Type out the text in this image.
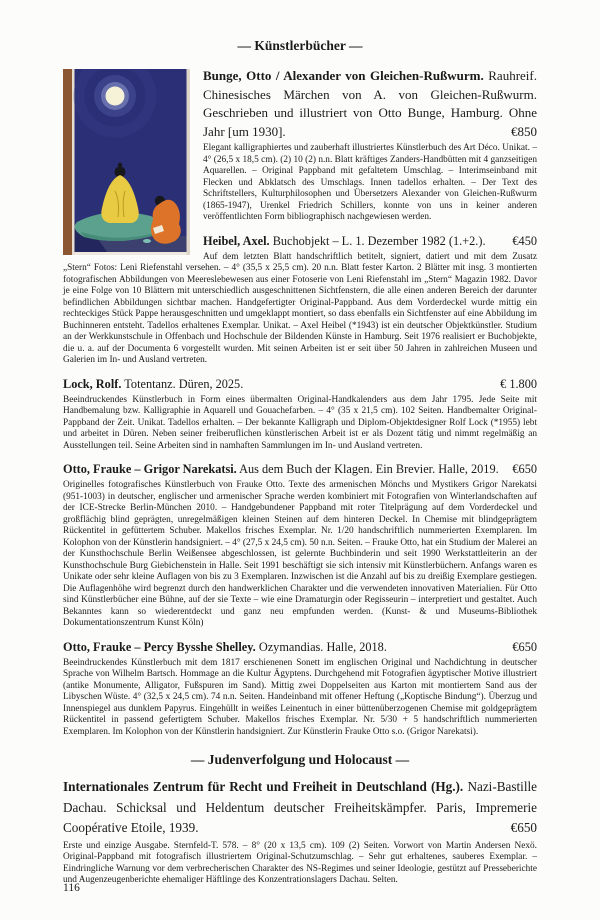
— Künstlerbücher —

Bunge, Otto / Alexander von Gleichen-Rußwurm. Rauhreif. Chinesisches Märchen von A. von Gleichen-Rußwurm. Geschrieben und illustriert von Otto Bunge, Hamburg. Ohne Jahr [um 1930].	€850

Elegant kalligraphiertes und zauberhaft illustriertes Künstlerbuch des Art Déco. Unikat. – 4° (26,5 x 18,5 cm). (2) 10 (2) n.n. Blatt kräftiges Zanders-Handbütten mit 4 ganzseitigen Aquarellen. – Original Pappband mit gefaltetem Umschlag. – Interimseinband mit Flecken und Abklatsch des Umschlags. Innen tadellos erhalten. – Der Text des Schriftstellers, Kulturphilosophen und Übersetzers Alexander von Gleichen-Rußwurm (1865-1947), Urenkel Friedrich Schillers, konnte von uns in keiner anderen veröffentlichten Form bibliographisch nachgewiesen werden.

Heibel, Axel. Buchobjekt – L. 1. Dezember 1982 (1.+2.).	€450

Auf dem letzten Blatt handschriftlich betitelt, signiert, datiert und mit dem Zusatz „Stern“ Fotos: Leni Riefenstahl versehen. – 4° (35,5 x 25,5 cm). 20 n.n. Blatt fester Karton. 2 Blätter mit insg. 3 montierten fotografischen Abbildungen von Meereslebewesen aus einer Fotoserie von Leni Riefenstahl im „Stern“ Magazin 1982. Davor je eine Folge von 10 Blättern mit unterschiedlich ausgeschnittenen Sichtfenstern, die alle einen anderen Bereich der darunter befindlichen Abbildungen sichtbar machen. Handgefertigter Original-Pappband. Aus dem Vorderdeckel wurde mittig ein rechteckiges Stück Pappe herausgeschnitten und umgeklappt montiert, so dass ebenfalls ein Sichtfenster auf eine Abbildung im Buchinneren entsteht. Tadellos erhaltenes Exemplar. Unikat. – Axel Heibel (*1943) ist ein deutscher Objektkünstler. Studium an der Werkkunstschule in Offenbach und Hochschule der Bildenden Künste in Hamburg. Seit 1976 realisiert er Buchobjekte, die u. a. auf der Documenta 6 vorgestellt wurden. Mit seinen Arbeiten ist er seit über 50 Jahren in zahlreichen Museen und Galerien im In- und Ausland vertreten.

Lock, Rolf. Totentanz. Düren, 2025.	€ 1.800

Beeindruckendes Künstlerbuch in Form eines übermalten Original-Handkalenders aus dem Jahr 1795. Jede Seite mit Handbemalung bzw. Kalligraphie in Aquarell und Gouachefarben. – 4° (35 x 21,5 cm). 102 Seiten. Handbemalter Original-Pappband der Zeit. Unikat. Tadellos erhalten. – Der bekannte Kalligraph und Diplom-Objektdesigner Rolf Lock (*1955) lebt und arbeitet in Düren. Neben seiner freiberuflichen künstlerischen Arbeit ist er als Dozent tätig und nimmt regelmäßig an Ausstellungen teil. Seine Arbeiten sind in namhaften Sammlungen im In- und Ausland vertreten.

Otto, Frauke – Grigor Narekatsi. Aus dem Buch der Klagen. Ein Brevier. Halle, 2019.	€650

Originelles fotografisches Künstlerbuch von Frauke Otto. Texte des armenischen Mönchs und Mystikers Grigor Narekatsi (951-1003) in deutscher, englischer und armenischer Sprache werden kombiniert mit Fotografien von Winterlandschaften auf der ICE-Strecke Berlin-München 2010. – Handgebundener Pappband mit roter Titelprägung auf dem Vorderdeckel und großflächig blind geprägten, unregelmäßigen kleinen Steinen auf dem hinteren Deckel. In Chemise mit blindgeprägtem Rückentitel in gefüttertem Schuber. Makellos frisches Exemplar. Nr. 1/20 handschriftlich nummerierten Exemplaren. Im Kolophon von der Künstlerin handsigniert. – 4° (27,5 x 24,5 cm). 50 n.n. Seiten. – Frauke Otto, hat ein Studium der Malerei an der Kunsthochschule Berlin Weißensee abgeschlossen, ist gelernte Buchbinderin und seit 1990 Werkstattleiterin an der Kunsthochschule Burg Giebichenstein in Halle. Seit 1991 beschäftigt sie sich intensiv mit Künstlerbüchern. Anfangs waren es Unikate oder sehr kleine Auflagen von bis zu 3 Exemplaren. Inzwischen ist die Anzahl auf bis zu dreißig Exemplare gestiegen. Die Auflagenhöhe wird begrenzt durch den handwerklichen Charakter und die verwendeten innovativen Materialien. Für Otto sind Künstlerbücher eine Bühne, auf der sie Texte – wie eine Dramaturgin oder Regisseurin – interpretiert und gestaltet. Auch Bekanntes kann so wiederentdeckt und ganz neu empfunden werden. (Kunst- & und Museums-Bibliothek Dokumentationszentrum Kunst Köln)

Otto, Frauke – Percy Bysshe Shelley. Ozymandias. Halle, 2018.	€650

Beeindruckendes Künstlerbuch mit dem 1817 erschienenen Sonett im englischen Original und Nachdichtung in deutscher Sprache von Wilhelm Bartsch. Hommage an die Kultur Ägyptens. Durchgehend mit Fotografien ägyptischer Motive illustriert (antike Monumente, Alligator, Fußspuren im Sand). Mittig zwei Doppelseiten aus Karton mit montiertem Sand aus der Libyschen Wüste. 4° (32,5 x 24,5 cm). 74 n.n. Seiten. Handeinband mit offener Heftung („Koptische Bindung“). Überzug und Innenspiegel aus dunklem Papyrus. Eingehüllt in weißes Leinentuch in einer büttenüberzogenen Chemise mit goldgeprägtem Rückentitel in passend gefertigtem Schuber. Makellos frisches Exemplar. Nr. 5/30 + 5 handschriftlich nummerierten Exemplaren. Im Kolophon von der Künstlerin handsigniert. Zur Künstlerin Frauke Otto s.o. (Grigor Narekatsi).

— Judenverfolgung und Holocaust —

Internationales Zentrum für Recht und Freiheit in Deutschland (Hg.). Nazi-Bastille Dachau. Schicksal und Heldentum deutscher Freiheitskämpfer. Paris, Impremerie Coopérative Etoile, 1939.	€650

Erste und einzige Ausgabe. Sternfeld-T. 578. – 8° (20 x 13,5 cm). 109 (2) Seiten. Vorwort von Martin Andersen Nexö. Original-Pappband mit fotografisch illustriertem Original-Schutzumschlag. – Sehr gut erhaltenes, sauberes Exemplar. – Eindringliche Warnung vor dem verbrecherischen Charakter des NS-Regimes und seiner Ideologie, gestützt auf Presseberichte und Augenzeugenberichte ehemaliger Häftlinge des Konzentrationslagers Dachau. Selten.

116
